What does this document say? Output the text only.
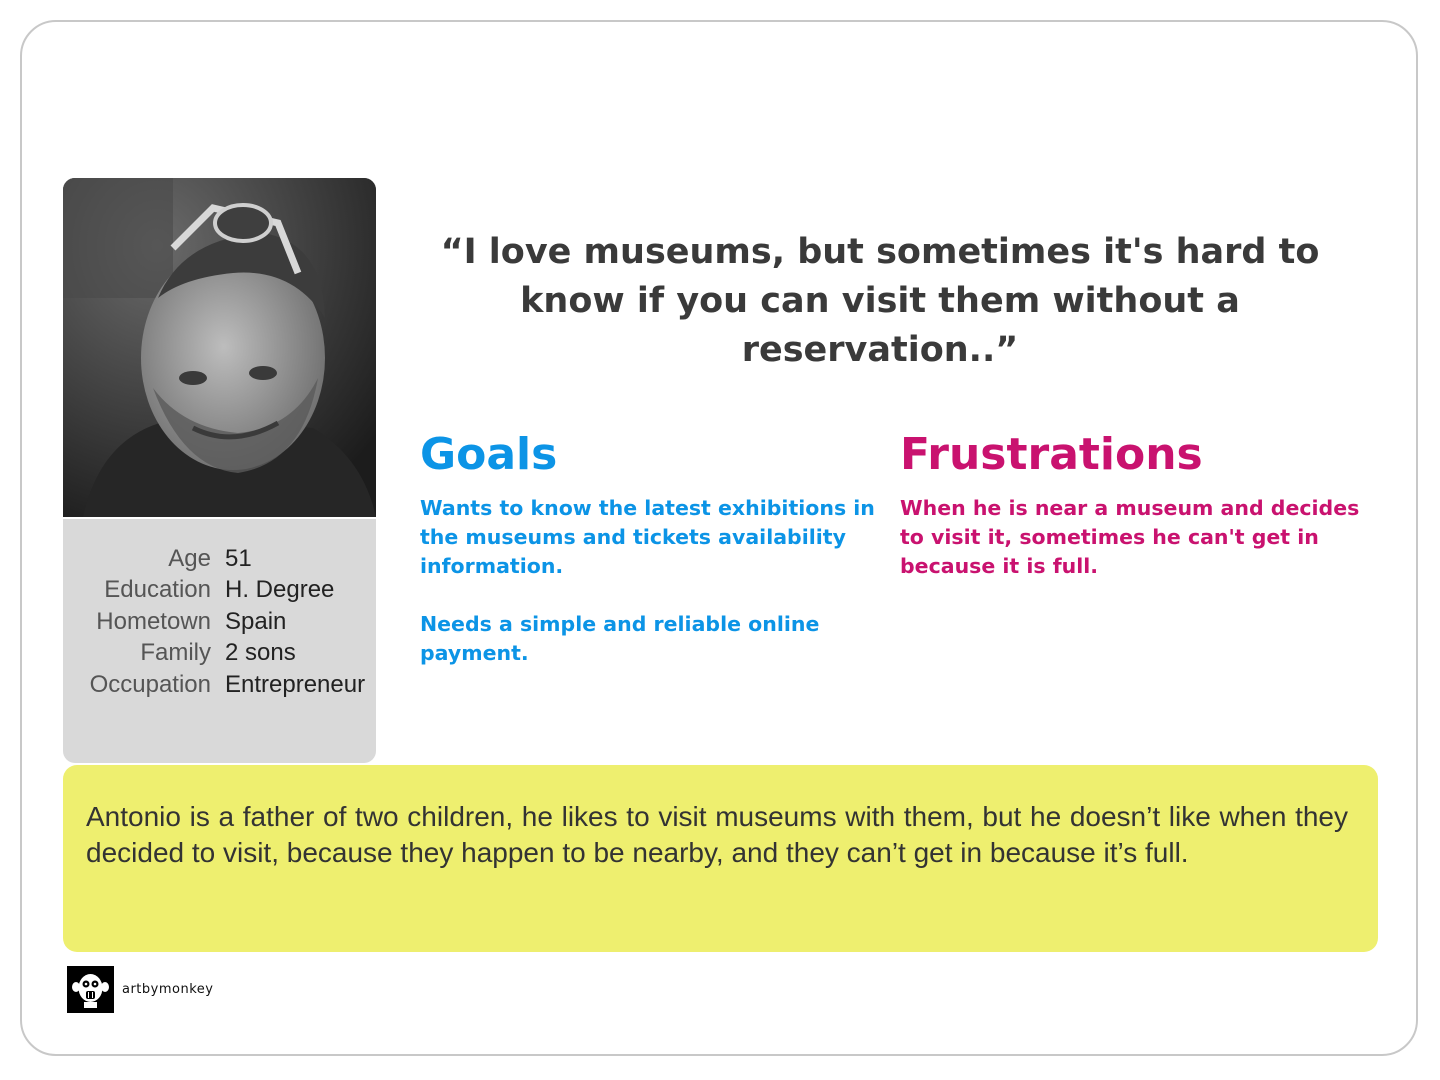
Age 51
Education H. Degree
Hometown Spain
Family 2 sons
Occupation Entrepreneur

“I love museums, but sometimes it's hard to know if you can visit them without a reservation..”

Goals

Wants to know the latest exhibitions in the museums and tickets availability information.

Needs a simple and reliable online payment.

Frustrations

When he is near a museum and decides to visit it, sometimes he can't get in because it is full.

Antonio is a father of two children, he likes to visit museums with them, but he doesn’t like when they decided to visit, because they happen to be nearby, and they can’t get in because it’s full.

artbymonkey
